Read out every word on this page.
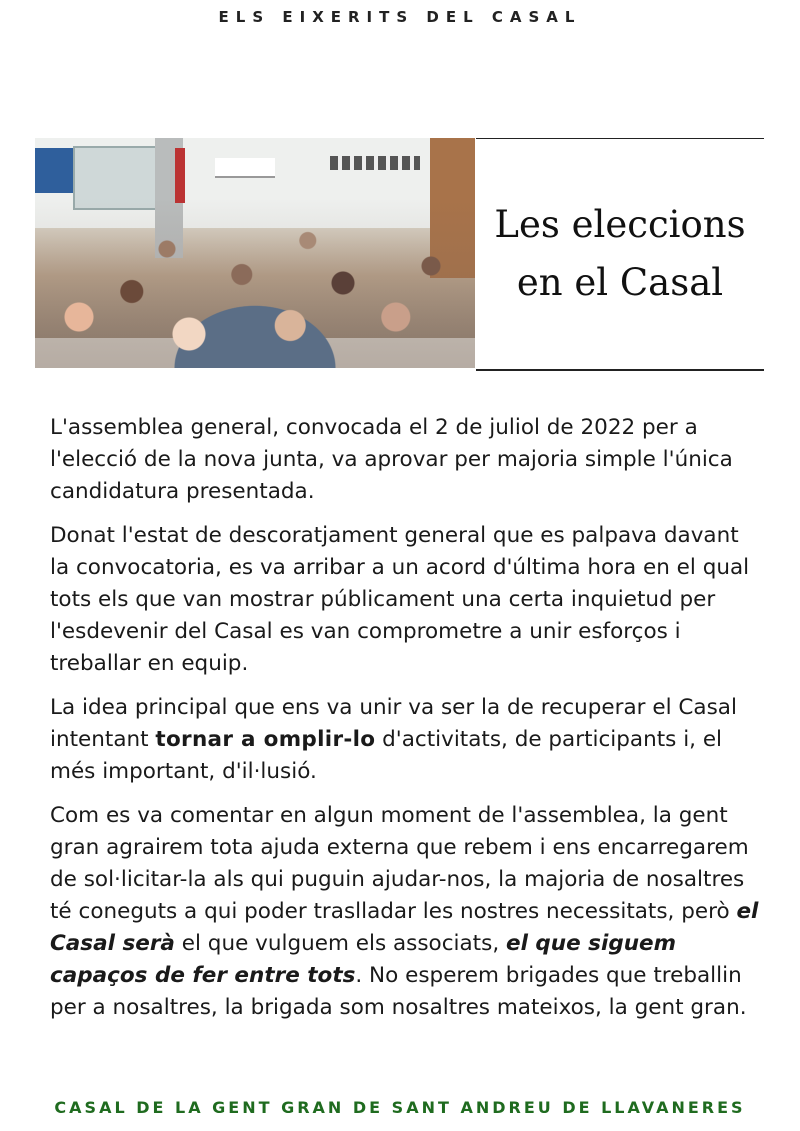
ELS EIXERITS DEL CASAL
Les eleccions
en el Casal

L'assemblea general, convocada el 2 de juliol de 2022 per a l'elecció de la nova junta, va aprovar per majoria simple l'única candidatura presentada.

Donat l'estat de descoratjament general que es palpava davant la convocatoria, es va arribar a un acord d'última hora en el qual tots els que van mostrar públicament una certa inquietud per l'esdevenir del Casal es van comprometre a unir esforços i treballar en equip.

La idea principal que ens va unir va ser la de recuperar el Casal intentant tornar a omplir-lo d'activitats, de participants i, el més important, d'il·lusió.

Com es va comentar en algun moment de l'assemblea, la gent gran agrairem tota ajuda externa que rebem i ens encarregarem de sol·licitar-la als qui puguin ajudar-nos, la majoria de nosaltres té coneguts a qui poder traslladar les nostres necessitats, però el Casal serà el que vulguem els associats, el que siguem capaços de fer entre tots. No esperem brigades que treballin per a nosaltres, la brigada som nosaltres mateixos, la gent gran.

CASAL DE LA GENT GRAN DE SANT ANDREU DE LLAVANERES
